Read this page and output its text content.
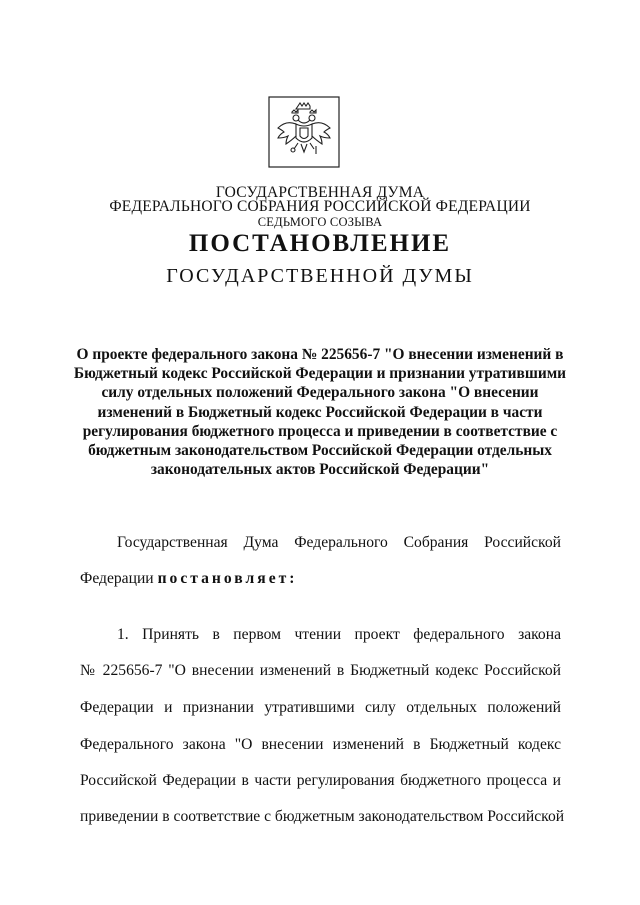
ГОСУДАРСТВЕННАЯ ДУМА
ФЕДЕРАЛЬНОГО СОБРАНИЯ РОССИЙСКОЙ ФЕДЕРАЦИИ
СЕДЬМОГО СОЗЫВА
ПОСТАНОВЛЕНИЕ
ГОСУДАРСТВЕННОЙ ДУМЫ
О проекте федерального закона № 225656-7 "О внесении изменений в
Бюджетный кодекс Российской Федерации и признании утратившими
силу отдельных положений Федерального закона "О внесении
изменений в Бюджетный кодекс Российской Федерации в части
регулирования бюджетного процесса и приведении в соответствие с
бюджетным законодательством Российской Федерации отдельных
законодательных актов Российской Федерации"
Государственная Дума Федерального Собрания Российской
Федерации постановляет:
1. Принять в первом чтении проект федерального закона
№ 225656-7 "О внесении изменений в Бюджетный кодекс Российской
Федерации и признании утратившими силу отдельных положений
Федерального закона "О внесении изменений в Бюджетный кодекс
Российской Федерации в части регулирования бюджетного процесса и
приведении в соответствие с бюджетным законодательством Российской
